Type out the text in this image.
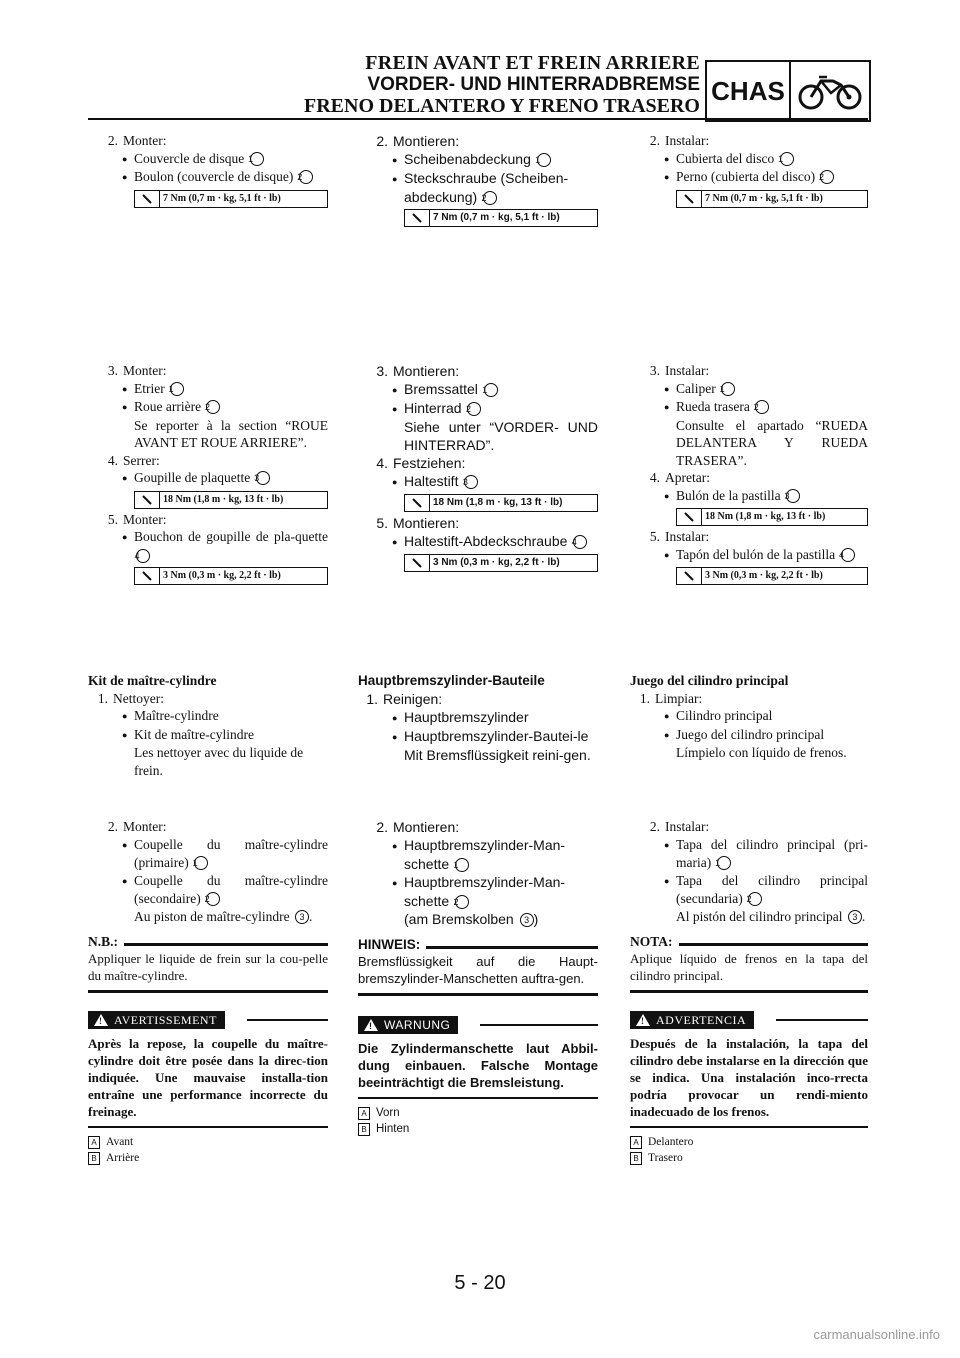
FREIN AVANT ET FREIN ARRIERE
VORDER- UND HINTERRADBREMSE
FRENO DELANTERO Y FRENO TRASERO
CHAS
2. Monter:
● Couvercle de disque 1
● Boulon (couvercle de disque) 2
7 Nm (0,7 m · kg, 5,1 ft · lb)
3. Monter:
● Etrier 1
● Roue arrière 2
Se reporter à la section “ROUE AVANT ET ROUE ARRIERE”.
4. Serrer:
● Goupille de plaquette 3
18 Nm (1,8 m · kg, 13 ft · lb)
5. Monter:
● Bouchon de goupille de pla-quette 4
3 Nm (0,3 m · kg, 2,2 ft · lb)
Kit de maître-cylindre
1. Nettoyer:
● Maître-cylindre
● Kit de maître-cylindre
Les nettoyer avec du liquide de frein.
2. Monter:
● Coupelle du maître-cylindre (primaire) 1
● Coupelle du maître-cylindre (secondaire) 2
Au piston de maître-cylindre 3 .
N.B.:
Appliquer le liquide de frein sur la cou-pelle du maître-cylindre.
! AVERTISSEMENT
Après la repose, la coupelle du maître-cylindre doit être posée dans la direc-tion indiquée. Une mauvaise installa-tion entraîne une performance incorrecte du freinage.
A Avant
B Arrière
2. Montieren:
● Scheibenabdeckung 1
● Steckschraube (Scheiben-abdeckung) 2
7 Nm (0,7 m · kg, 5,1 ft · lb)
3. Montieren:
● Bremssattel 1
● Hinterrad 2
Siehe unter “VORDER- UND HINTERRAD”.
4. Festziehen:
● Haltestift 3
18 Nm (1,8 m · kg, 13 ft · lb)
5. Montieren:
● Haltestift-Abdeckschraube 4
3 Nm (0,3 m · kg, 2,2 ft · lb)
Hauptbremszylinder-Bauteile
1. Reinigen:
● Hauptbremszylinder
● Hauptbremszylinder-Bautei-le
Mit Bremsflüssigkeit reini-gen.
2. Montieren:
● Hauptbremszylinder-Man-schette 1
● Hauptbremszylinder-Man-schette 2
(am Bremskolben 3 )
HINWEIS:
Bremsflüssigkeit auf die Haupt-bremszylinder-Manschetten auftra-gen.
! WARNUNG
Die Zylindermanschette laut Abbil-dung einbauen. Falsche Montage beeinträchtigt die Bremsleistung.
A Vorn
B Hinten
2. Instalar:
● Cubierta del disco 1
● Perno (cubierta del disco) 2
7 Nm (0,7 m · kg, 5,1 ft · lb)
3. Instalar:
● Caliper 1
● Rueda trasera 2
Consulte el apartado “RUEDA DELANTERA Y RUEDA TRASERA”.
4. Apretar:
● Bulón de la pastilla 3
18 Nm (1,8 m · kg, 13 ft · lb)
5. Instalar:
● Tapón del bulón de la pastilla 4
3 Nm (0,3 m · kg, 2,2 ft · lb)
Juego del cilindro principal
1. Limpiar:
● Cilindro principal
● Juego del cilindro principal
Límpielo con líquido de frenos.
2. Instalar:
● Tapa del cilindro principal (pri-maria) 1
● Tapa del cilindro principal (secundaria) 2
Al pistón del cilindro principal 3 .
NOTA:
Aplique líquido de frenos en la tapa del cilindro principal.
! ADVERTENCIA
Después de la instalación, la tapa del cilindro debe instalarse en la dirección que se indica. Una instalación inco-rrecta podría provocar un rendi-miento inadecuado de los frenos.
A Delantero
B Trasero
5 - 20
carmanualsonline.info
